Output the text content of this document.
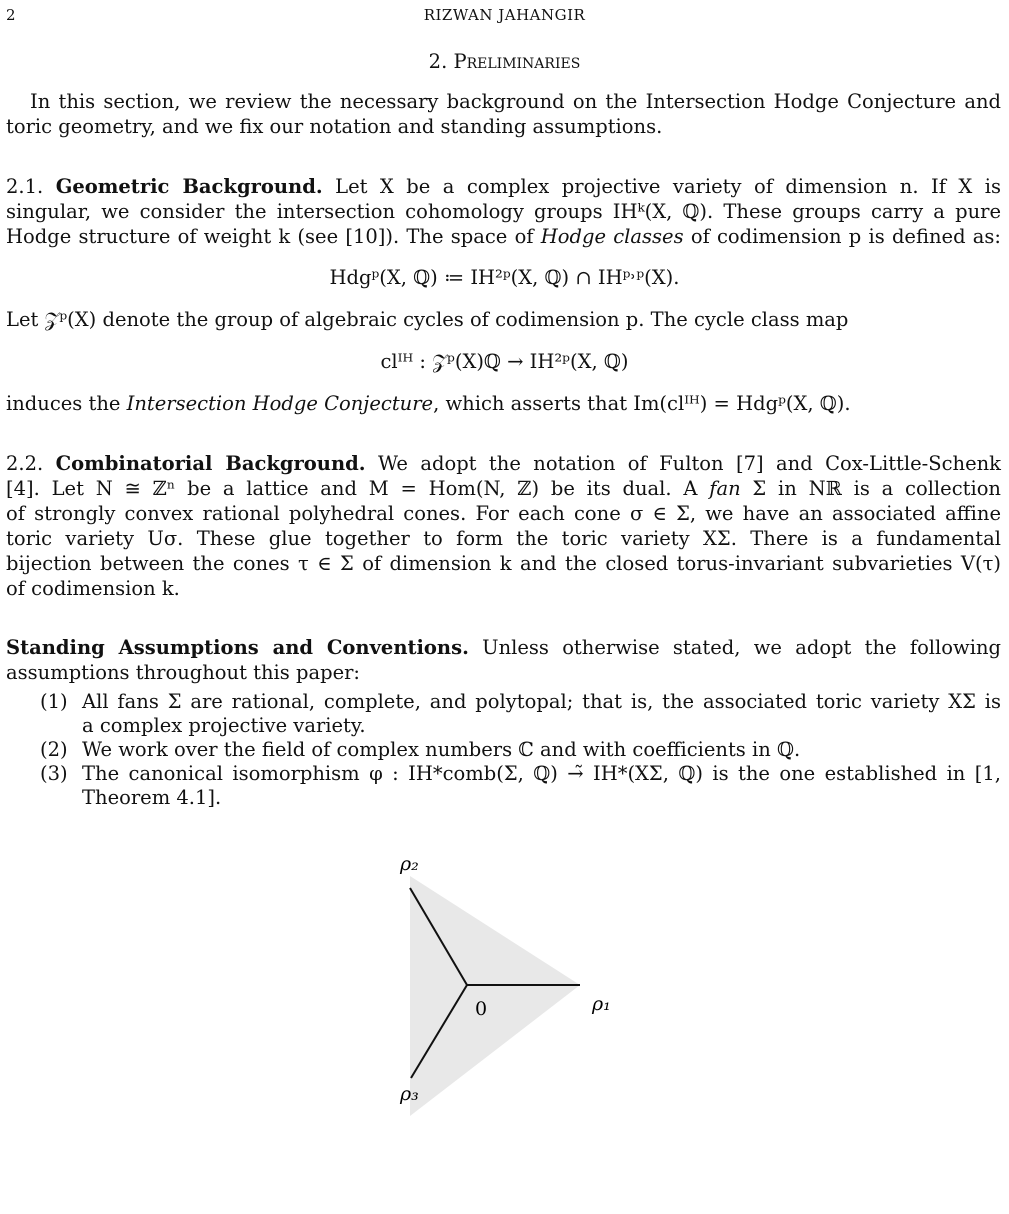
2	RIZWAN JAHANGIR
2. Preliminaries
In this section, we review the necessary background on the Intersection Hodge Conjecture and
toric geometry, and we fix our notation and standing assumptions.
2.1. Geometric Background. Let X be a complex projective variety of dimension n. If X is
singular, we consider the intersection cohomology groups IHᵏ(X, ℚ). These groups carry a pure
Hodge structure of weight k (see [10]). The space of Hodge classes of codimension p is defined as:
Hdgᵖ(X, ℚ) ≔ IH²ᵖ(X, ℚ) ∩ IHᵖ˒ᵖ(X).
Let 𝒵ᵖ(X) denote the group of algebraic cycles of codimension p. The cycle class map
clᴵᴴ : 𝒵ᵖ(X)ℚ → IH²ᵖ(X, ℚ)
induces the Intersection Hodge Conjecture, which asserts that Im(clᴵᴴ) = Hdgᵖ(X, ℚ).
2.2. Combinatorial Background. We adopt the notation of Fulton [7] and Cox-Little-Schenk
[4]. Let N ≅ ℤⁿ be a lattice and M = Hom(N, ℤ) be its dual. A fan Σ in Nℝ is a collection
of strongly convex rational polyhedral cones. For each cone σ ∈ Σ, we have an associated affine
toric variety Uσ. These glue together to form the toric variety XΣ. There is a fundamental
bijection between the cones τ ∈ Σ of dimension k and the closed torus-invariant subvarieties V(τ)
of codimension k.
Standing Assumptions and Conventions. Unless otherwise stated, we adopt the following
assumptions throughout this paper:
(1) All fans Σ are rational, complete, and polytopal; that is, the associated toric variety XΣ is
a complex projective variety.
(2) We work over the field of complex numbers ℂ and with coefficients in ℚ.
(3) The canonical isomorphism φ : IH*comb(Σ, ℚ) →̃ IH*(XΣ, ℚ) is the one established in [1,
Theorem 4.1].
ρ₁
ρ₂
ρ₃
0
